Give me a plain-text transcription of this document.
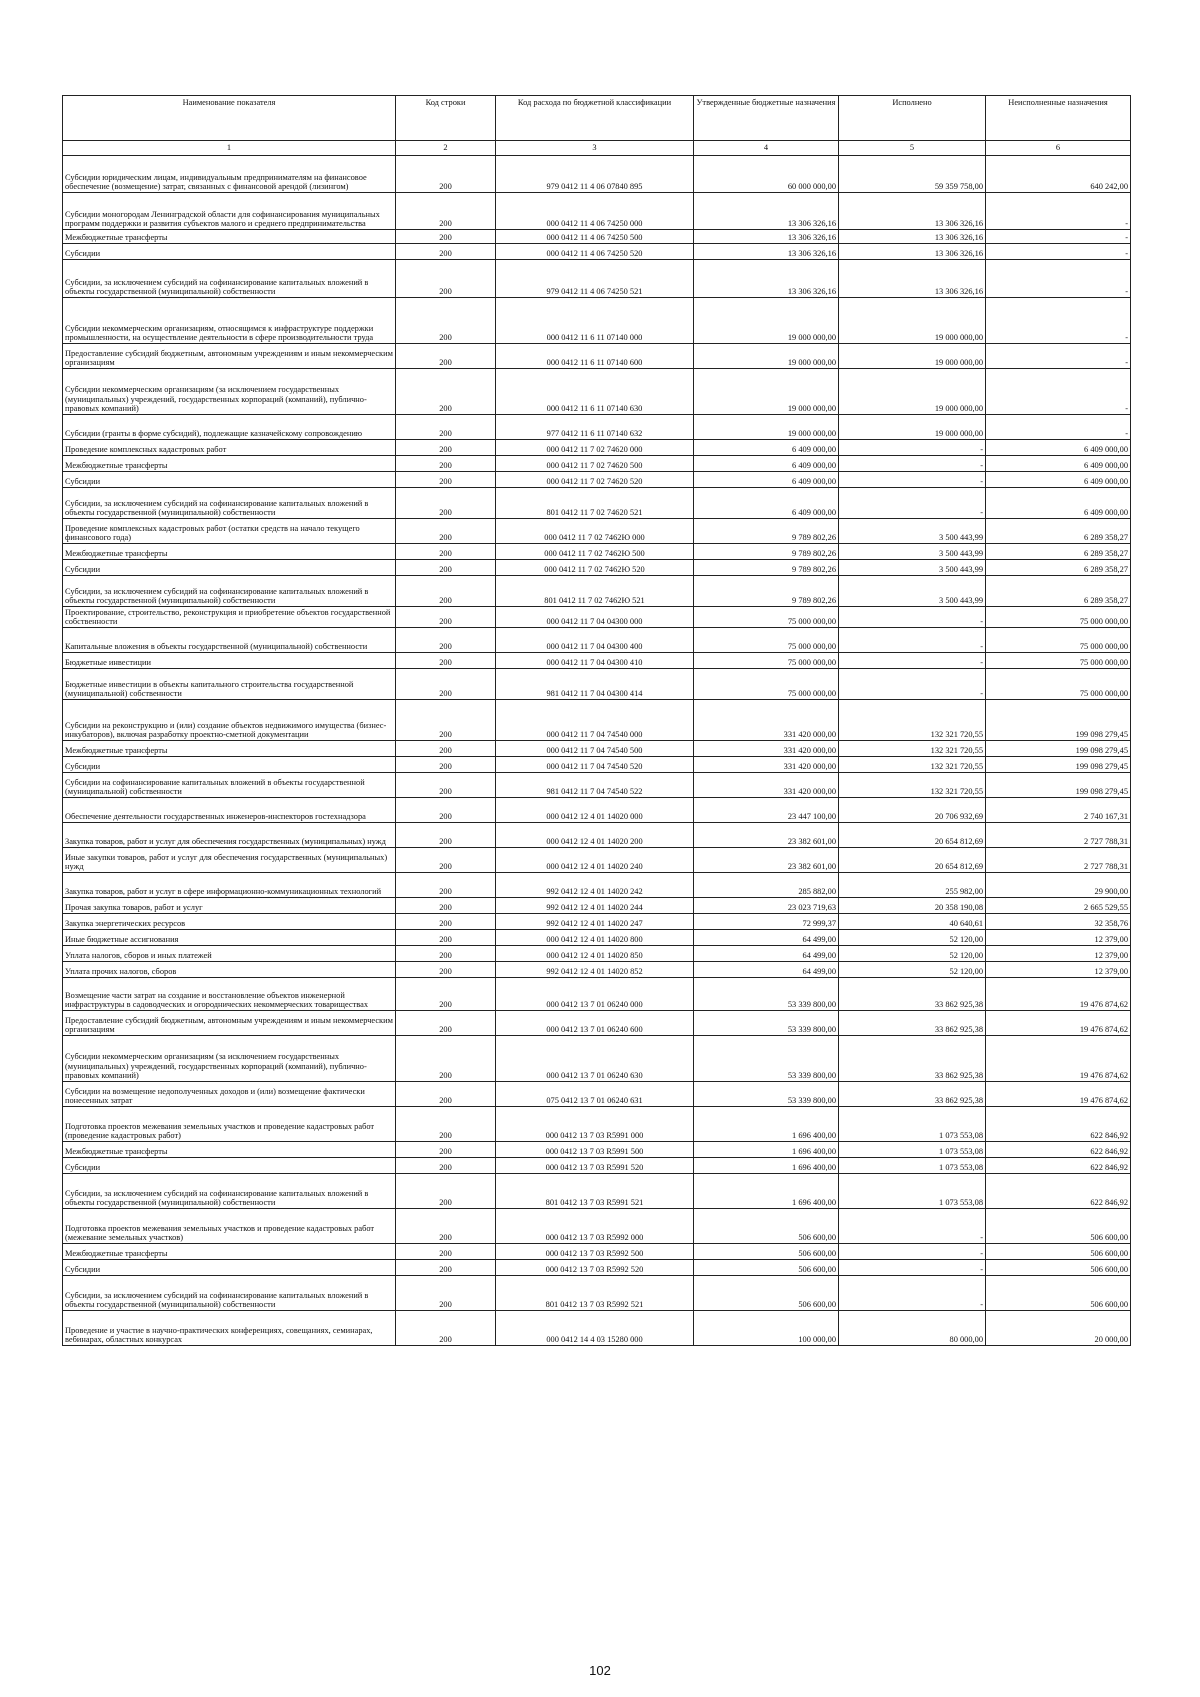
Наименование показателя	Код строки	Код расхода по бюджетной классификации	Утвержденные бюджетные назначения	Исполнено	Неисполненные назначения
1	2	3	4	5	6
Субсидии юридическим лицам, индивидуальным предпринимателям на финансовое обеспечение (возмещение) затрат, связанных с финансовой арендой (лизингом)	200	979 0412 11 4 06 07840 895	60 000 000,00	59 359 758,00	640 242,00
Субсидии моногородам Ленинградской области для софинансирования муниципальных программ поддержки и развития субъектов малого и среднего предпринимательства	200	000 0412 11 4 06 74250 000	13 306 326,16	13 306 326,16	-
Межбюджетные трансферты	200	000 0412 11 4 06 74250 500	13 306 326,16	13 306 326,16	-
Субсидии	200	000 0412 11 4 06 74250 520	13 306 326,16	13 306 326,16	-
Субсидии, за исключением субсидий на софинансирование капитальных вложений в объекты государственной (муниципальной) собственности	200	979 0412 11 4 06 74250 521	13 306 326,16	13 306 326,16	-
Субсидии некоммерческим организациям, относящимся к инфраструктуре поддержки промышленности, на осуществление деятельности в сфере производительности труда	200	000 0412 11 6 11 07140 000	19 000 000,00	19 000 000,00	-
Предоставление субсидий бюджетным, автономным учреждениям и иным некоммерческим организациям	200	000 0412 11 6 11 07140 600	19 000 000,00	19 000 000,00	-
Субсидии некоммерческим организациям (за исключением государственных (муниципальных) учреждений, государственных корпораций (компаний), публично-правовых компаний)	200	000 0412 11 6 11 07140 630	19 000 000,00	19 000 000,00	-
Субсидии (гранты в форме субсидий), подлежащие казначейскому сопровождению	200	977 0412 11 6 11 07140 632	19 000 000,00	19 000 000,00	-
Проведение комплексных кадастровых работ	200	000 0412 11 7 02 74620 000	6 409 000,00	-	6 409 000,00
Межбюджетные трансферты	200	000 0412 11 7 02 74620 500	6 409 000,00	-	6 409 000,00
Субсидии	200	000 0412 11 7 02 74620 520	6 409 000,00	-	6 409 000,00
Субсидии, за исключением субсидий на софинансирование капитальных вложений в объекты государственной (муниципальной) собственности	200	801 0412 11 7 02 74620 521	6 409 000,00	-	6 409 000,00
Проведение комплексных кадастровых работ (остатки средств на начало текущего финансового года)	200	000 0412 11 7 02 7462Ю 000	9 789 802,26	3 500 443,99	6 289 358,27
Межбюджетные трансферты	200	000 0412 11 7 02 7462Ю 500	9 789 802,26	3 500 443,99	6 289 358,27
Субсидии	200	000 0412 11 7 02 7462Ю 520	9 789 802,26	3 500 443,99	6 289 358,27
Субсидии, за исключением субсидий на софинансирование капитальных вложений в объекты государственной (муниципальной) собственности	200	801 0412 11 7 02 7462Ю 521	9 789 802,26	3 500 443,99	6 289 358,27
Проектирование, строительство, реконструкция и приобретение объектов государственной собственности	200	000 0412 11 7 04 04300 000	75 000 000,00	-	75 000 000,00
Капитальные вложения в объекты государственной (муниципальной) собственности	200	000 0412 11 7 04 04300 400	75 000 000,00	-	75 000 000,00
Бюджетные инвестиции	200	000 0412 11 7 04 04300 410	75 000 000,00	-	75 000 000,00
Бюджетные инвестиции в объекты капитального строительства государственной (муниципальной) собственности	200	981 0412 11 7 04 04300 414	75 000 000,00	-	75 000 000,00
Субсидии на реконструкцию и (или) создание объектов недвижимого имущества (бизнес-инкубаторов), включая разработку проектно-сметной документации	200	000 0412 11 7 04 74540 000	331 420 000,00	132 321 720,55	199 098 279,45
Межбюджетные трансферты	200	000 0412 11 7 04 74540 500	331 420 000,00	132 321 720,55	199 098 279,45
Субсидии	200	000 0412 11 7 04 74540 520	331 420 000,00	132 321 720,55	199 098 279,45
Субсидии на софинансирование капитальных вложений в объекты государственной (муниципальной) собственности	200	981 0412 11 7 04 74540 522	331 420 000,00	132 321 720,55	199 098 279,45
Обеспечение деятельности государственных инженеров-инспекторов гостехнадзора	200	000 0412 12 4 01 14020 000	23 447 100,00	20 706 932,69	2 740 167,31
Закупка товаров, работ и услуг для обеспечения государственных (муниципальных) нужд	200	000 0412 12 4 01 14020 200	23 382 601,00	20 654 812,69	2 727 788,31
Иные закупки товаров, работ и услуг для обеспечения государственных (муниципальных) нужд	200	000 0412 12 4 01 14020 240	23 382 601,00	20 654 812,69	2 727 788,31
Закупка товаров, работ и услуг в сфере информационно-коммуникационных технологий	200	992 0412 12 4 01 14020 242	285 882,00	255 982,00	29 900,00
Прочая закупка товаров, работ и услуг	200	992 0412 12 4 01 14020 244	23 023 719,63	20 358 190,08	2 665 529,55
Закупка энергетических ресурсов	200	992 0412 12 4 01 14020 247	72 999,37	40 640,61	32 358,76
Иные бюджетные ассигнования	200	000 0412 12 4 01 14020 800	64 499,00	52 120,00	12 379,00
Уплата налогов, сборов и иных платежей	200	000 0412 12 4 01 14020 850	64 499,00	52 120,00	12 379,00
Уплата прочих налогов, сборов	200	992 0412 12 4 01 14020 852	64 499,00	52 120,00	12 379,00
Возмещение части затрат на создание и восстановление объектов инженерной инфраструктуры в садоводческих и огороднических некоммерческих товариществах	200	000 0412 13 7 01 06240 000	53 339 800,00	33 862 925,38	19 476 874,62
Предоставление субсидий бюджетным, автономным учреждениям и иным некоммерческим организациям	200	000 0412 13 7 01 06240 600	53 339 800,00	33 862 925,38	19 476 874,62
Субсидии некоммерческим организациям (за исключением государственных (муниципальных) учреждений, государственных корпораций (компаний), публично-правовых компаний)	200	000 0412 13 7 01 06240 630	53 339 800,00	33 862 925,38	19 476 874,62
Субсидии на возмещение недополученных доходов и (или) возмещение фактически понесенных затрат	200	075 0412 13 7 01 06240 631	53 339 800,00	33 862 925,38	19 476 874,62
Подготовка проектов межевания земельных участков и проведение кадастровых работ (проведение кадастровых работ)	200	000 0412 13 7 03 R5991 000	1 696 400,00	1 073 553,08	622 846,92
Межбюджетные трансферты	200	000 0412 13 7 03 R5991 500	1 696 400,00	1 073 553,08	622 846,92
Субсидии	200	000 0412 13 7 03 R5991 520	1 696 400,00	1 073 553,08	622 846,92
Субсидии, за исключением субсидий на софинансирование капитальных вложений в объекты государственной (муниципальной) собственности	200	801 0412 13 7 03 R5991 521	1 696 400,00	1 073 553,08	622 846,92
Подготовка проектов межевания земельных участков и проведение кадастровых работ (межевание земельных участков)	200	000 0412 13 7 03 R5992 000	506 600,00	-	506 600,00
Межбюджетные трансферты	200	000 0412 13 7 03 R5992 500	506 600,00	-	506 600,00
Субсидии	200	000 0412 13 7 03 R5992 520	506 600,00	-	506 600,00
Субсидии, за исключением субсидий на софинансирование капитальных вложений в объекты государственной (муниципальной) собственности	200	801 0412 13 7 03 R5992 521	506 600,00	-	506 600,00
Проведение и участие в научно-практических конференциях, совещаниях, семинарах, вебинарах, областных конкурсах	200	000 0412 14 4 03 15280 000	100 000,00	80 000,00	20 000,00
102
